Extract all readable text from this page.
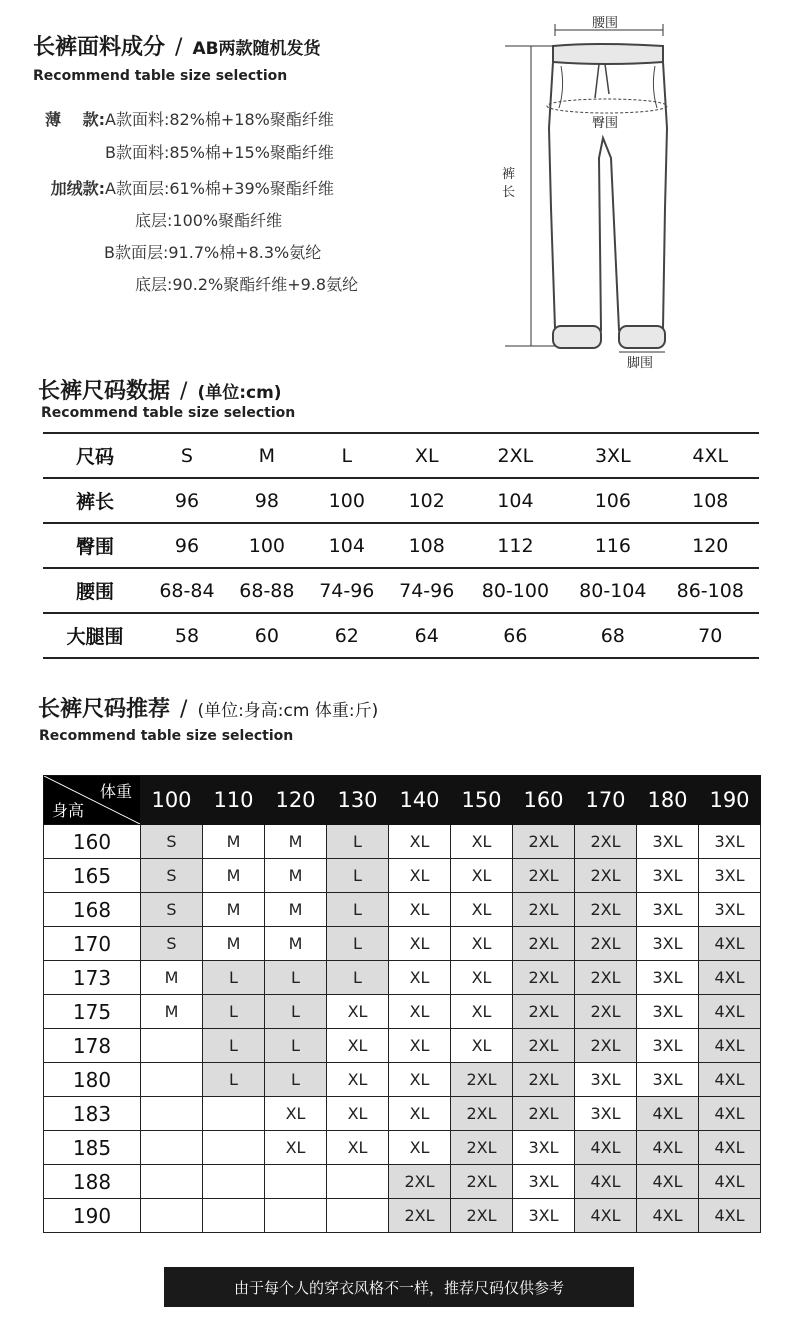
长裤面料成分 / AB两款随机发货
Recommend table size selection
薄　 款:A款面料:82%棉+18%聚酯纤维
B款面料:85%棉+15%聚酯纤维
加绒款:A款面层:61%棉+39%聚酯纤维
底层:100%聚酯纤维
B款面层:91.7%棉+8.3%氨纶
底层:90.2%聚酯纤维+9.8氨纶
腰围
臀围
裤长
脚围
长裤尺码数据 / (单位:cm)
Recommend table size selection
尺码	S	M	L	XL	2XL	3XL	4XL
裤长	96	98	100	102	104	106	108
臀围	96	100	104	108	112	116	120
腰围	68-84	68-88	74-96	74-96	80-100	80-104	86-108
大腿围	58	60	62	64	66	68	70
长裤尺码推荐 / (单位:身高:cm 体重:斤)
Recommend table size selection
体重
身高	100	110	120	130	140	150	160	170	180	190
160	S	M	M	L	XL	XL	2XL	2XL	3XL	3XL
165	S	M	M	L	XL	XL	2XL	2XL	3XL	3XL
168	S	M	M	L	XL	XL	2XL	2XL	3XL	3XL
170	S	M	M	L	XL	XL	2XL	2XL	3XL	4XL
173	M	L	L	L	XL	XL	2XL	2XL	3XL	4XL
175	M	L	L	XL	XL	XL	2XL	2XL	3XL	4XL
178		L	L	XL	XL	XL	2XL	2XL	3XL	4XL
180		L	L	XL	XL	2XL	2XL	3XL	3XL	4XL
183			XL	XL	XL	2XL	2XL	3XL	4XL	4XL
185			XL	XL	XL	2XL	3XL	4XL	4XL	4XL
188					2XL	2XL	3XL	4XL	4XL	4XL
190					2XL	2XL	3XL	4XL	4XL	4XL
由于每个人的穿衣风格不一样，推荐尺码仅供参考
